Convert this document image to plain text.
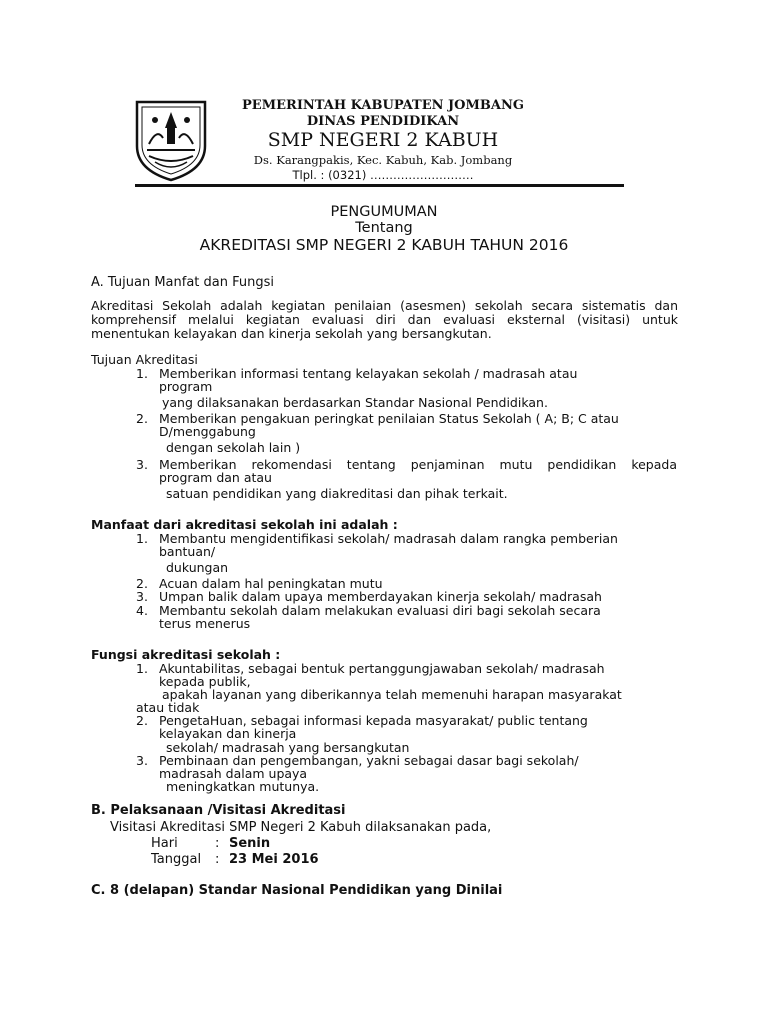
PEMERINTAH KABUPATEN JOMBANG
DINAS PENDIDIKAN
SMP NEGERI 2 KABUH
Ds. Karangpakis, Kec. Kabuh, Kab. Jombang
Tlpl. : (0321) ………………………
PENGUMUMAN
Tentang
AKREDITASI SMP NEGERI 2 KABUH TAHUN 2016
A. Tujuan Manfat dan Fungsi
Akreditasi Sekolah adalah kegiatan penilaian (asesmen) sekolah secara sistematis dan komprehensif melalui kegiatan evaluasi diri dan evaluasi eksternal (visitasi) untuk menentukan kelayakan dan kinerja sekolah yang bersangkutan.
Tujuan Akreditasi
1. Memberikan informasi tentang kelayakan sekolah / madrasah atau
program
yang dilaksanakan berdasarkan Standar Nasional Pendidikan.
2. Memberikan pengakuan peringkat penilaian Status Sekolah ( A; B; C atau
D/menggabung
dengan sekolah lain )
3. Memberikan rekomendasi tentang penjaminan mutu pendidikan kepada
program dan atau
satuan pendidikan yang diakreditasi dan pihak terkait.
Manfaat dari akreditasi sekolah ini adalah :
1. Membantu mengidentifikasi sekolah/ madrasah dalam rangka pemberian
bantuan/
dukungan
2. Acuan dalam hal peningkatan mutu
3. Umpan balik dalam upaya memberdayakan kinerja sekolah/ madrasah
4. Membantu sekolah dalam melakukan evaluasi diri bagi sekolah secara
terus menerus
Fungsi akreditasi sekolah :
1. Akuntabilitas, sebagai bentuk pertanggungjawaban sekolah/ madrasah
kepada publik,
apakah layanan yang diberikannya telah memenuhi harapan masyarakat
atau tidak
2. PengetaHuan, sebagai informasi kepada masyarakat/ public tentang
kelayakan dan kinerja
sekolah/ madrasah yang bersangkutan
3. Pembinaan dan pengembangan, yakni sebagai dasar bagi sekolah/
madrasah dalam upaya
meningkatkan mutunya.
B. Pelaksanaan /Visitasi Akreditasi
Visitasi Akreditasi SMP Negeri 2 Kabuh dilaksanakan pada,
Hari	: Senin
Tanggal : 23 Mei 2016
C. 8 (delapan) Standar Nasional Pendidikan yang Dinilai
